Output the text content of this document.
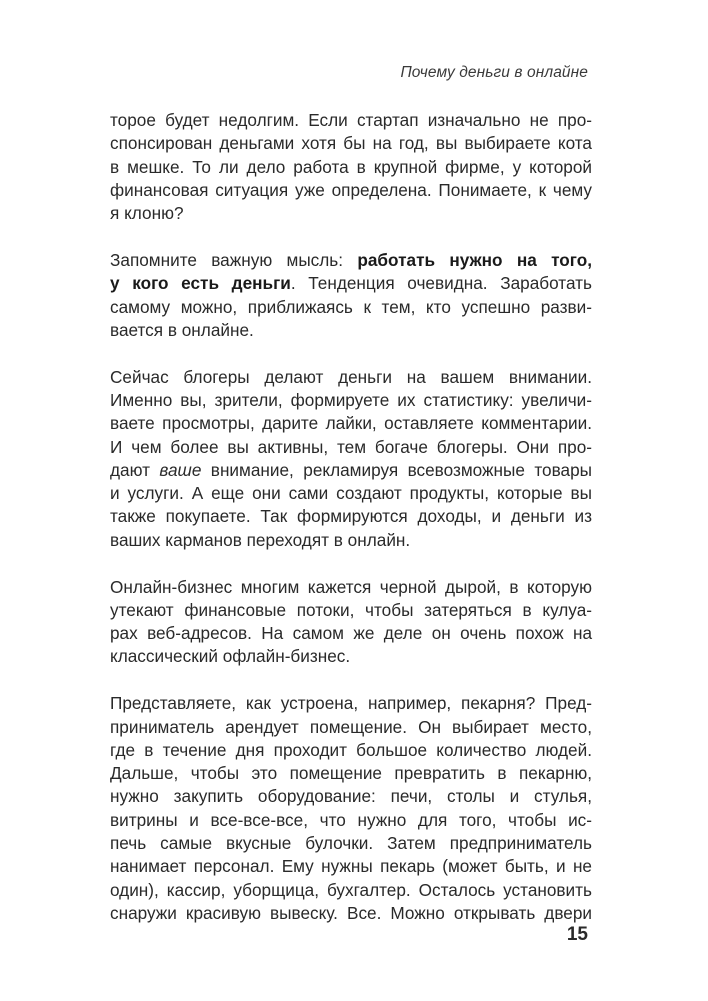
Почему деньги в онлайне
торое будет недолгим. Если стартап изначально не про-
спонсирован деньгами хотя бы на год, вы выбираете кота
в мешке. То ли дело работа в крупной фирме, у которой
финансовая ситуация уже определена. Понимаете, к чему
я клоню?
Запомните важную мысль: работать нужно на того,
у кого есть деньги. Тенденция очевидна. Заработать
самому можно, приближаясь к тем, кто успешно разви-
вается в онлайне.
Сейчас блогеры делают деньги на вашем внимании.
Именно вы, зрители, формируете их статистику: увеличи-
ваете просмотры, дарите лайки, оставляете комментарии.
И чем более вы активны, тем богаче блогеры. Они про-
дают ваше внимание, рекламируя всевозможные товары
и услуги. А еще они сами создают продукты, которые вы
также покупаете. Так формируются доходы, и деньги из
ваших карманов переходят в онлайн.
Онлайн-бизнес многим кажется черной дырой, в которую
утекают финансовые потоки, чтобы затеряться в кулуа-
рах веб-адресов. На самом же деле он очень похож на
классический офлайн-бизнес.
Представляете, как устроена, например, пекарня? Пред-
приниматель арендует помещение. Он выбирает место,
где в течение дня проходит большое количество людей.
Дальше, чтобы это помещение превратить в пекарню,
нужно закупить оборудование: печи, столы и стулья,
витрины и все-все-все, что нужно для того, чтобы ис-
печь самые вкусные булочки. Затем предприниматель
нанимает персонал. Ему нужны пекарь (может быть, и не
один), кассир, уборщица, бухгалтер. Осталось установить
снаружи красивую вывеску. Все. Можно открывать двери
15
